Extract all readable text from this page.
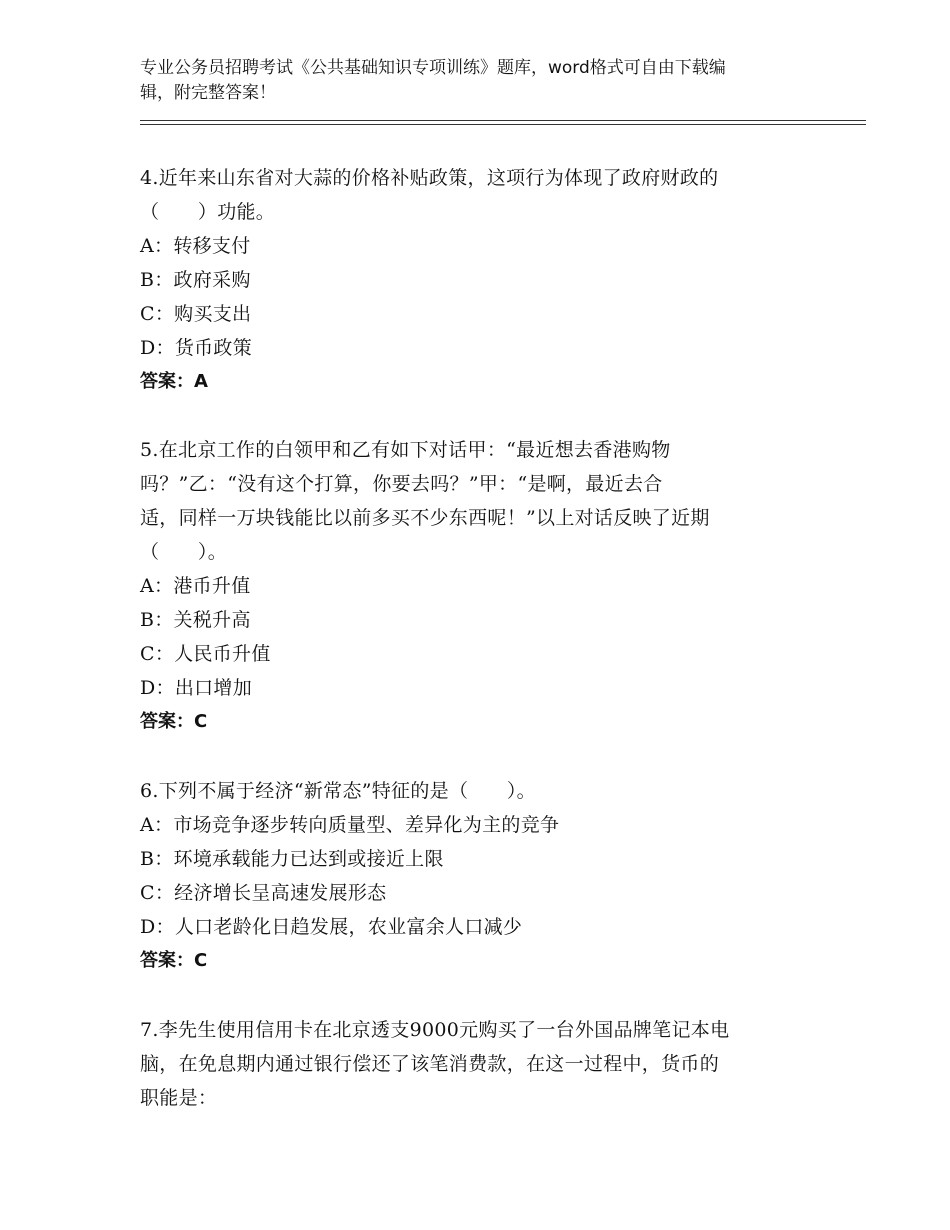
专业公务员招聘考试《公共基础知识专项训练》题库，word格式可自由下载编
辑，附完整答案！
4.近年来山东省对大蒜的价格补贴政策，这项行为体现了政府财政的
（　　）功能。
A：转移支付
B：政府采购
C：购买支出
D：货币政策
答案：A
5.在北京工作的白领甲和乙有如下对话甲：“最近想去香港购物
吗？”乙：“没有这个打算，你要去吗？”甲：“是啊，最近去合
适，同样一万块钱能比以前多买不少东西呢！”以上对话反映了近期
（　　）。
A：港币升值
B：关税升高
C：人民币升值
D：出口增加
答案：C
6.下列不属于经济“新常态”特征的是（　　）。
A：市场竞争逐步转向质量型、差异化为主的竞争
B：环境承载能力已达到或接近上限
C：经济增长呈高速发展形态
D：人口老龄化日趋发展，农业富余人口减少
答案：C
7.李先生使用信用卡在北京透支9000元购买了一台外国品牌笔记本电
脑，在免息期内通过银行偿还了该笔消费款，在这一过程中，货币的
职能是：
